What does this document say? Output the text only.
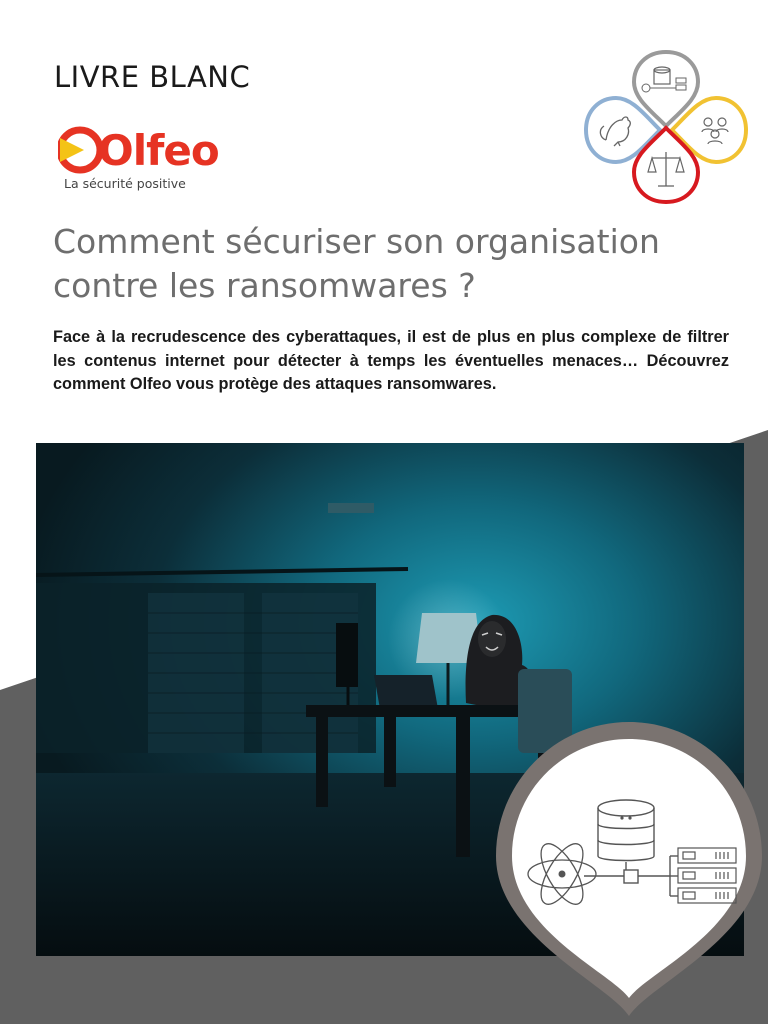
LIVRE BLANC
Olfeo
La sécurité positive
Comment sécuriser son organisation
contre les ransomwares ?

Face à la recrudescence des cyberattaques, il est de plus en plus complexe de filtrer les contenus internet pour détecter à temps les éventuelles menaces… Découvrez comment Olfeo vous protège des attaques ransomwares.
